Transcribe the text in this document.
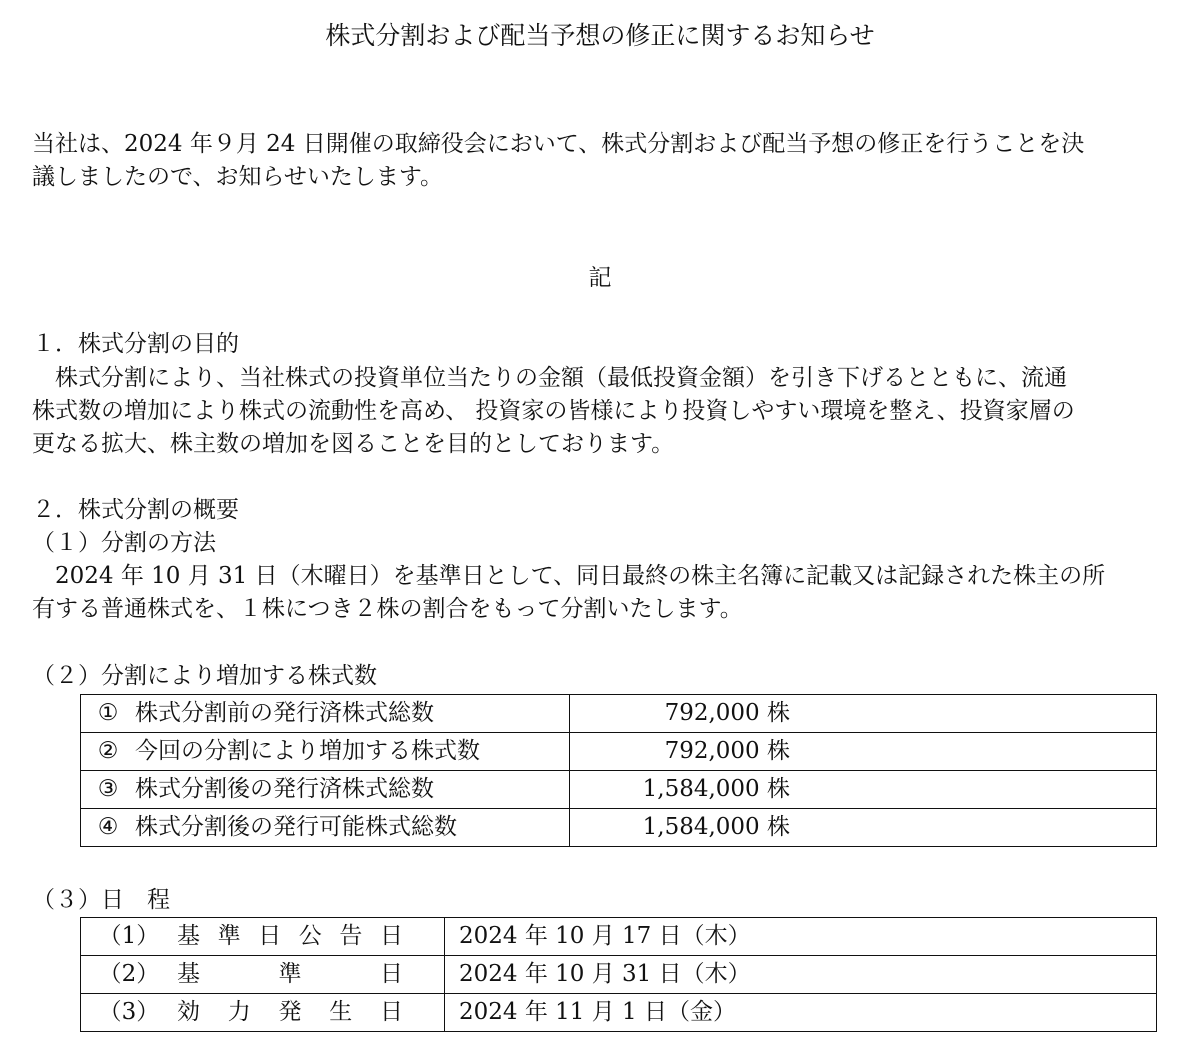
株式分割および配当予想の修正に関するお知らせ
当社は、2024 年９月 24 日開催の取締役会において、株式分割および配当予想の修正を行うことを決
議しましたので、お知らせいたします。
記
１．株式分割の目的
株式分割により、当社株式の投資単位当たりの金額（最低投資金額）を引き下げるとともに、流通
株式数の増加により株式の流動性を高め、 投資家の皆様により投資しやすい環境を整え、投資家層の
更なる拡大、株主数の増加を図ることを目的としております。
２．株式分割の概要
（１）分割の方法
2024 年 10 月 31 日（木曜日）を基準日として、同日最終の株主名簿に記載又は記録された株主の所
有する普通株式を、１株につき２株の割合をもって分割いたします。
（２）分割により増加する株式数
① 株式分割前の発行済株式総数	792,000 株
② 今回の分割により増加する株式数	792,000 株
③ 株式分割後の発行済株式総数	1,584,000 株
④ 株式分割後の発行可能株式総数	1,584,000 株
（３）日　程
（1） 基準日公告日	2024 年 10 月 17 日（木）
（2） 基準日	2024 年 10 月 31 日（木）
（3） 効力発生日	2024 年 11 月 1 日（金）
